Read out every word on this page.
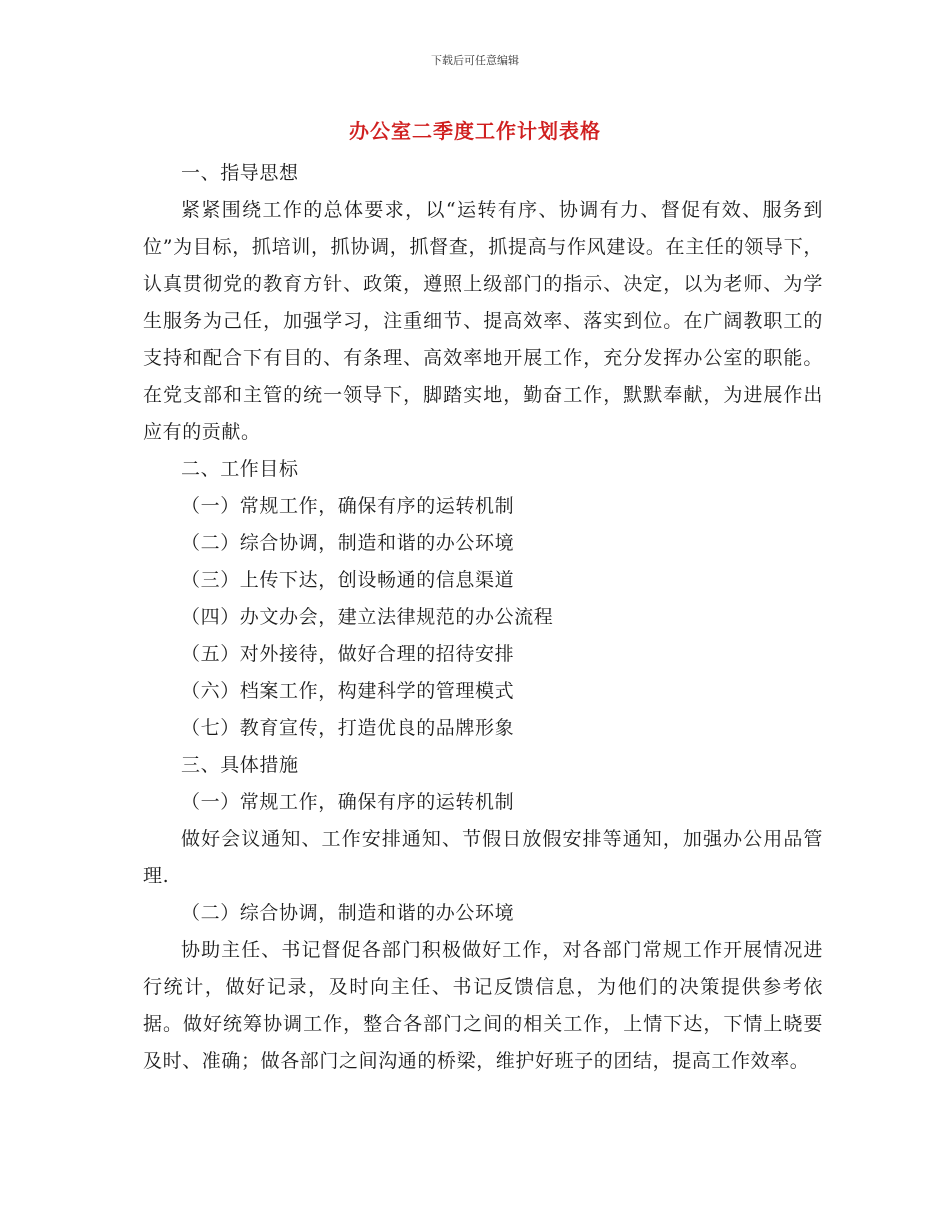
下载后可任意编辑
办公室二季度工作计划表格

一、指导思想

紧紧围绕工作的总体要求，以“运转有序、协调有力、督促有效、服务到位”为目标，抓培训，抓协调，抓督查，抓提高与作风建设。在主任的领导下，认真贯彻党的教育方针、政策，遵照上级部门的指示、决定，以为老师、为学生服务为己任，加强学习，注重细节、提高效率、落实到位。在广阔教职工的支持和配合下有目的、有条理、高效率地开展工作，充分发挥办公室的职能。在党支部和主管的统一领导下，脚踏实地，勤奋工作，默默奉献，为进展作出应有的贡献。

二、工作目标

（一）常规工作，确保有序的运转机制

（二）综合协调，制造和谐的办公环境

（三）上传下达，创设畅通的信息渠道

（四）办文办会，建立法律规范的办公流程

（五）对外接待，做好合理的招待安排

（六）档案工作，构建科学的管理模式

（七）教育宣传，打造优良的品牌形象

三、具体措施

（一）常规工作，确保有序的运转机制

做好会议通知、工作安排通知、节假日放假安排等通知，加强办公用品管理.

（二）综合协调，制造和谐的办公环境

协助主任、书记督促各部门积极做好工作，对各部门常规工作开展情况进行统计，做好记录，及时向主任、书记反馈信息，为他们的决策提供参考依据。做好统筹协调工作，整合各部门之间的相关工作，上情下达，下情上晓要及时、准确；做各部门之间沟通的桥梁，维护好班子的团结，提高工作效率。
